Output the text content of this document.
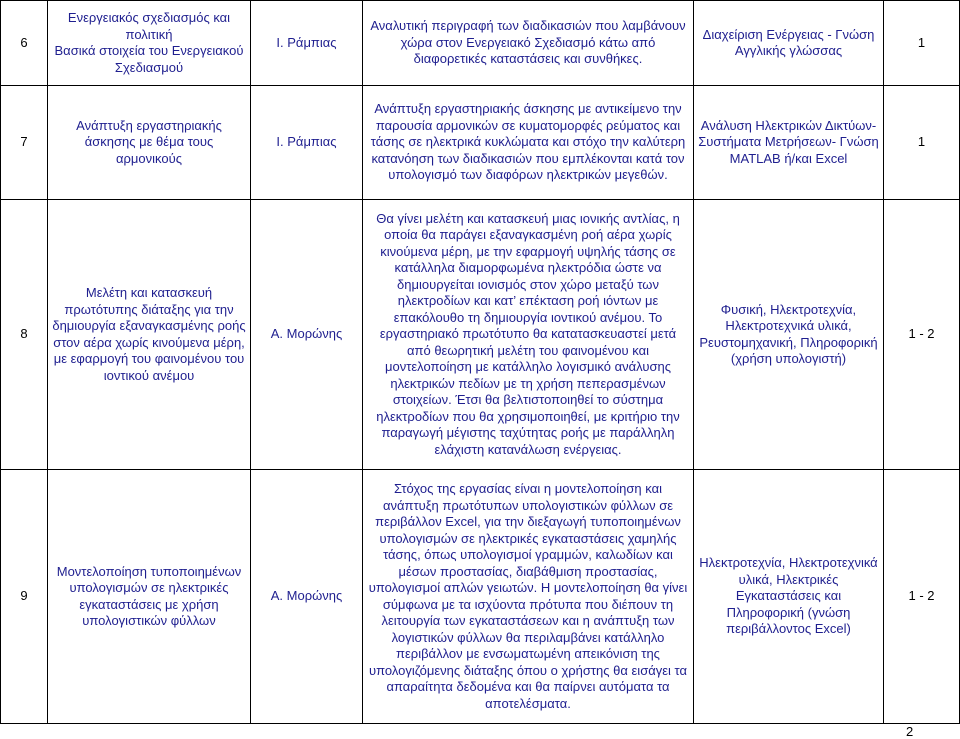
6	Ενεργειακός σχεδιασμός και πολιτική
Βασικά στοιχεία του Ενεργειακού Σχεδιασμού	Ι. Ράμπιας	Αναλυτική περιγραφή των διαδικασιών που λαμβάνουν χώρα στον Ενεργειακό Σχεδιασμό κάτω από διαφορετικές καταστάσεις και συνθήκες.	Διαχείριση Ενέργειας - Γνώση Αγγλικής γλώσσας	1
7	Ανάπτυξη εργαστηριακής άσκησης με θέμα τους αρμονικούς	Ι. Ράμπιας	Ανάπτυξη εργαστηριακής άσκησης με αντικείμενο την παρουσία αρμονικών σε κυματομορφές ρεύματος και τάσης σε ηλεκτρικά κυκλώματα και στόχο την καλύτερη κατανόηση των διαδικασιών που εμπλέκονται κατά τον υπολογισμό των διαφόρων ηλεκτρικών μεγεθών.	Ανάλυση Ηλεκτρικών Δικτύων-Συστήματα Μετρήσεων- Γνώση MATLAB ή/και Excel	1
8	Μελέτη και κατασκευή πρωτότυπης διάταξης για την δημιουργία εξαναγκασμένης ροής στον αέρα χωρίς κινούμενα μέρη, με εφαρμογή του φαινομένου του ιοντικού ανέμου	Α. Μορώνης	Θα γίνει μελέτη και κατασκευή μιας ιονικής αντλίας, η οποία θα παράγει εξαναγκασμένη ροή αέρα χωρίς κινούμενα μέρη, με την εφαρμογή υψηλής τάσης σε κατάλληλα διαμορφωμένα ηλεκτρόδια ώστε να δημιουργείται ιονισμός στον χώρο μεταξύ των ηλεκτροδίων και κατ’ επέκταση ροή ιόντων με επακόλουθο τη δημιουργία ιοντικού ανέμου. Το εργαστηριακό πρωτότυπο θα κατατασκευαστεί μετά από θεωρητική μελέτη του φαινομένου και μοντελοποίηση με κατάλληλο λογισμικό ανάλυσης ηλεκτρικών πεδίων με τη χρήση πεπερασμένων στοιχείων. Έτσι θα βελτιστοποιηθεί το σύστημα ηλεκτροδίων που θα χρησιμοποιηθεί, με κριτήριο την παραγωγή μέγιστης ταχύτητας ροής με παράλληλη ελάχιστη κατανάλωση ενέργειας.	Φυσική, Ηλεκτροτεχνία, Ηλεκτροτεχνικά υλικά, Ρευστομηχανική, Πληροφορική (χρήση υπολογιστή)	1 - 2
9	Μοντελοποίηση τυποποιημένων υπολογισμών σε ηλεκτρικές εγκαταστάσεις με χρήση υπολογιστικών φύλλων	Α. Μορώνης	Στόχος της εργασίας είναι η μοντελοποίηση και ανάπτυξη πρωτότυπων υπολογιστικών φύλλων σε περιβάλλον Excel, για την διεξαγωγή τυποποιημένων υπολογισμών σε ηλεκτρικές εγκαταστάσεις χαμηλής τάσης, όπως υπολογισμοί γραμμών, καλωδίων και μέσων προστασίας, διαβάθμιση προστασίας, υπολογισμοί απλών γειωτών. Η μοντελοποίηση θα γίνει σύμφωνα με τα ισχύοντα πρότυπα που διέπουν τη λειτουργία των εγκαταστάσεων και η ανάπτυξη των λογιστικών φύλλων θα περιλαμβάνει κατάλληλο περιβάλλον με ενσωματωμένη απεικόνιση της υπολογιζόμενης διάταξης όπου ο χρήστης θα εισάγει τα απαραίτητα δεδομένα και θα παίρνει αυτόματα τα αποτελέσματα.	Ηλεκτροτεχνία, Ηλεκτροτεχνικά υλικά, Ηλεκτρικές Εγκαταστάσεις και Πληροφορική (γνώση περιβάλλοντος Excel)	1 - 2
2
